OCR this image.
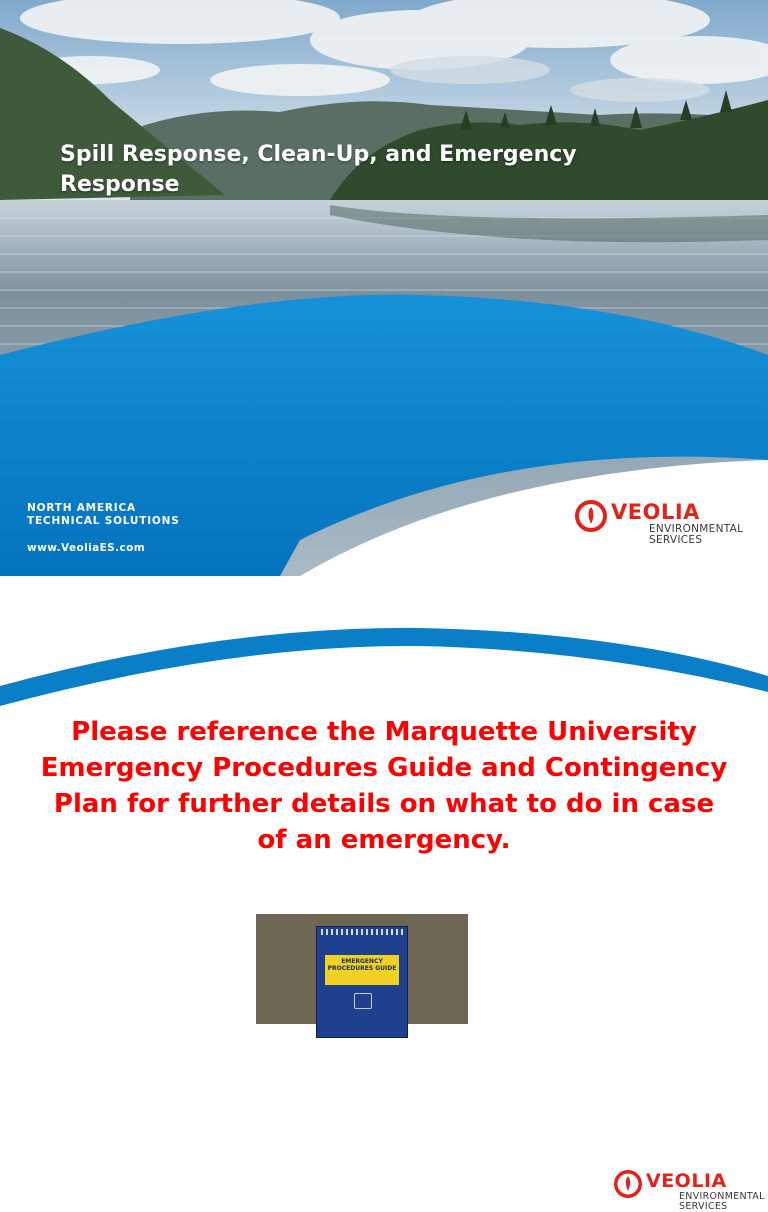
Spill Response, Clean-Up, and Emergency Response
NORTH AMERICA
TECHNICAL SOLUTIONS
www.VeoliaES.com
VEOLIA
ENVIRONMENTAL
SERVICES
VEOLIA
ENVIRONMENTAL
SERVICES

Please reference the Marquette University Emergency Procedures Guide and Contingency Plan for further details on what to do in case of an emergency.

EMERGENCY PROCEDURES GUIDE
